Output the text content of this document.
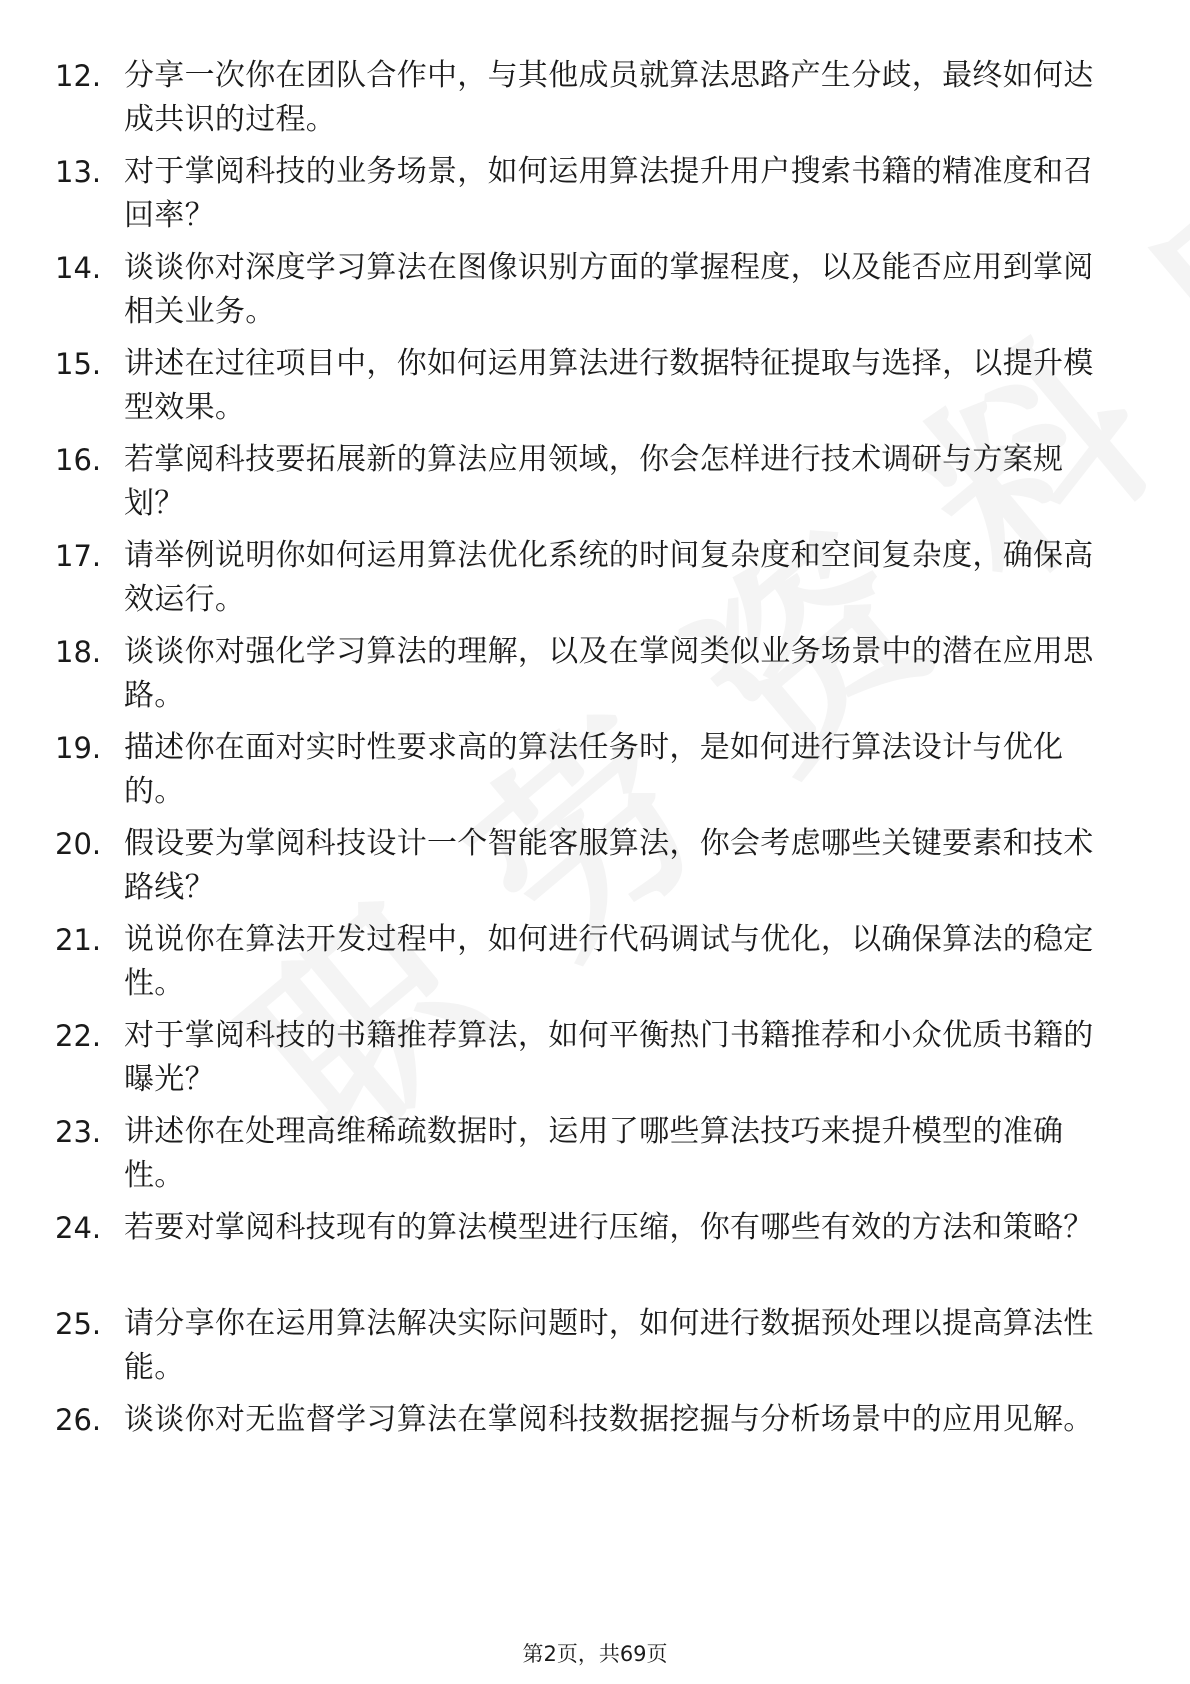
12. 分享一次你在团队合作中，与其他成员就算法思路产生分歧，最终如何达成共识的过程。
13. 对于掌阅科技的业务场景，如何运用算法提升用户搜索书籍的精准度和召回率？
14. 谈谈你对深度学习算法在图像识别方面的掌握程度，以及能否应用到掌阅相关业务。
15. 讲述在过往项目中，你如何运用算法进行数据特征提取与选择，以提升模型效果。
16. 若掌阅科技要拓展新的算法应用领域，你会怎样进行技术调研与方案规划？
17. 请举例说明你如何运用算法优化系统的时间复杂度和空间复杂度，确保高效运行。
18. 谈谈你对强化学习算法的理解，以及在掌阅类似业务场景中的潜在应用思路。
19. 描述你在面对实时性要求高的算法任务时，是如何进行算法设计与优化的。
20. 假设要为掌阅科技设计一个智能客服算法，你会考虑哪些关键要素和技术路线？
21. 说说你在算法开发过程中，如何进行代码调试与优化，以确保算法的稳定性。
22. 对于掌阅科技的书籍推荐算法，如何平衡热门书籍推荐和小众优质书籍的曝光？
23. 讲述你在处理高维稀疏数据时，运用了哪些算法技巧来提升模型的准确性。
24. 若要对掌阅科技现有的算法模型进行压缩，你有哪些有效的方法和策略？
25. 请分享你在运用算法解决实际问题时，如何进行数据预处理以提高算法性能。
26. 谈谈你对无监督学习算法在掌阅科技数据挖掘与分析场景中的应用见解。
第2页，共69页
